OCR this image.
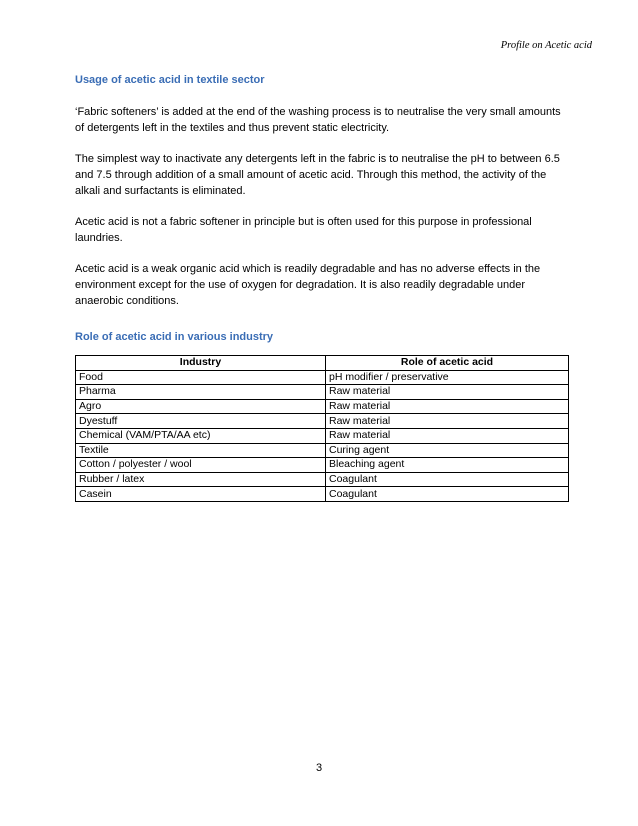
Profile on Acetic acid
Usage of acetic acid in textile sector

‘Fabric softeners’ is added at the end of the washing process is to neutralise the very small amounts of detergents left in the textiles and thus prevent static electricity.

The simplest way to inactivate any detergents left in the fabric is to neutralise the pH to between 6.5 and 7.5 through addition of a small amount of acetic acid. Through this method, the activity of the alkali and surfactants is eliminated.

Acetic acid is not a fabric softener in principle but is often used for this purpose in professional laundries.

Acetic acid is a weak organic acid which is readily degradable and has no adverse effects in the environment except for the use of oxygen for degradation. It is also readily degradable under anaerobic conditions.

Role of acetic acid in various industry
Industry	Role of acetic acid
Food	pH modifier / preservative
Pharma	Raw material
Agro	Raw material
Dyestuff	Raw material
Chemical (VAM/PTA/AA etc)	Raw material
Textile	Curing agent
Cotton / polyester / wool	Bleaching agent
Rubber / latex	Coagulant
Casein	Coagulant
3
